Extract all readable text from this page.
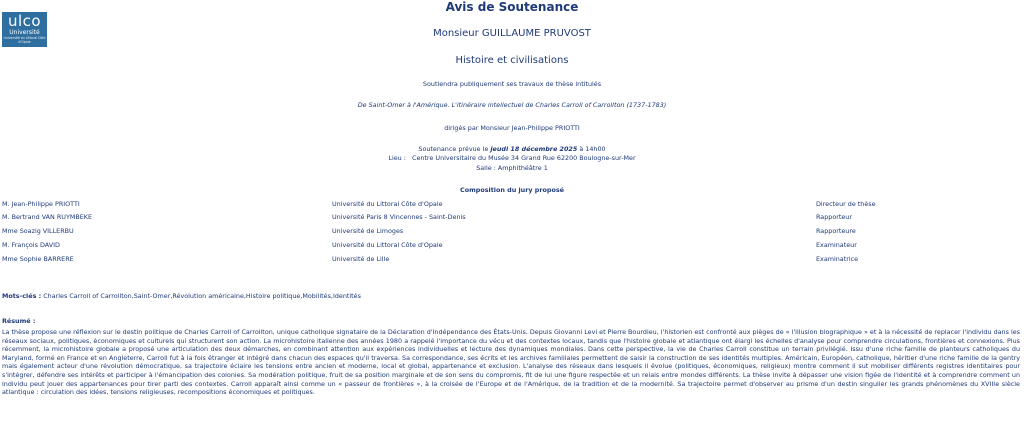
ulco
Université
Université du Littoral Côte d'Opale
Avis de Soutenance
Monsieur GUILLAUME PRUVOST
Histoire et civilisations
Soutiendra publiquement ses travaux de thèse intitulés
De Saint-Omer à l'Amérique. L'itinéraire intellectuel de Charles Carroll of Carrollton (1737-1783)
dirigés par Monsieur Jean-Philippe PRIOTTI
Soutenance prévue le jeudi 18 décembre 2025 à 14h00
Lieu :   Centre Universitaire du Musée 34 Grand Rue 62200 Boulogne-sur-Mer
Salle : Amphithéâtre 1
Composition du jury proposé
M. Jean-Philippe PRIOTTI	Université du Littoral Côte d'Opale	Directeur de thèse
M. Bertrand VAN RUYMBEKE	Université Paris 8 Vincennes - Saint-Denis	Rapporteur
Mme Soazig VILLERBU	Université de Limoges	Rapporteure
M. François DAVID	Université du Littoral Côte d'Opale	Examinateur
Mme Sophie BARRERE	Université de Lille	Examinatrice
Mots-clés : Charles Carroll of Carrollton,Saint-Omer,Révolution américaine,Histoire politique,Mobilités,Identités
Résumé :
La thèse propose une réflexion sur le destin politique de Charles Carroll of Carrollton, unique catholique signataire de la Déclaration d'Indépendance des États-Unis. Depuis Giovanni Levi et Pierre Bourdieu, l'historien est confronté aux pièges de « l'illusion biographique » et à la nécessité de replacer l'individu dans les réseaux sociaux, politiques, économiques et culturels qui structurent son action. La microhistoire italienne des années 1980 a rappelé l'importance du vécu et des contextes locaux, tandis que l'histoire globale et atlantique ont élargi les échelles d'analyse pour comprendre circulations, frontières et connexions. Plus récemment, la microhistoire globale a proposé une articulation des deux démarches, en combinant attention aux expériences individuelles et lecture des dynamiques mondiales. Dans cette perspective, la vie de Charles Carroll constitue un terrain privilégié. Issu d'une riche famille de planteurs catholiques du Maryland, formé en France et en Angleterre, Carroll fut à la fois étranger et intégré dans chacun des espaces qu'il traversa. Sa correspondance, ses écrits et les archives familiales permettent de saisir la construction de ses identités multiples. Américain, Européen, catholique, héritier d'une riche famille de la gentry mais également acteur d'une révolution démocratique, sa trajectoire éclaire les tensions entre ancien et moderne, local et global, appartenance et exclusion. L'analyse des réseaux dans lesquels il évolue (politiques, économiques, religieux) montre comment il sut mobiliser différents registres identitaires pour s'intégrer, défendre ses intérêts et participer à l'émancipation des colonies. Sa modération politique, fruit de sa position marginale et de son sens du compromis, fit de lui une figure respectée et un relais entre mondes différents. La thèse invite à dépasser une vision figée de l'identité et à comprendre comment un individu peut jouer des appartenances pour tirer parti des contextes. Carroll apparaît ainsi comme un « passeur de frontières », à la croisée de l'Europe et de l'Amérique, de la tradition et de la modernité. Sa trajectoire permet d'observer au prisme d'un destin singulier les grands phénomènes du XVIIIe siècle atlantique : circulation des idées, tensions religieuses, recompositions économiques et politiques.
